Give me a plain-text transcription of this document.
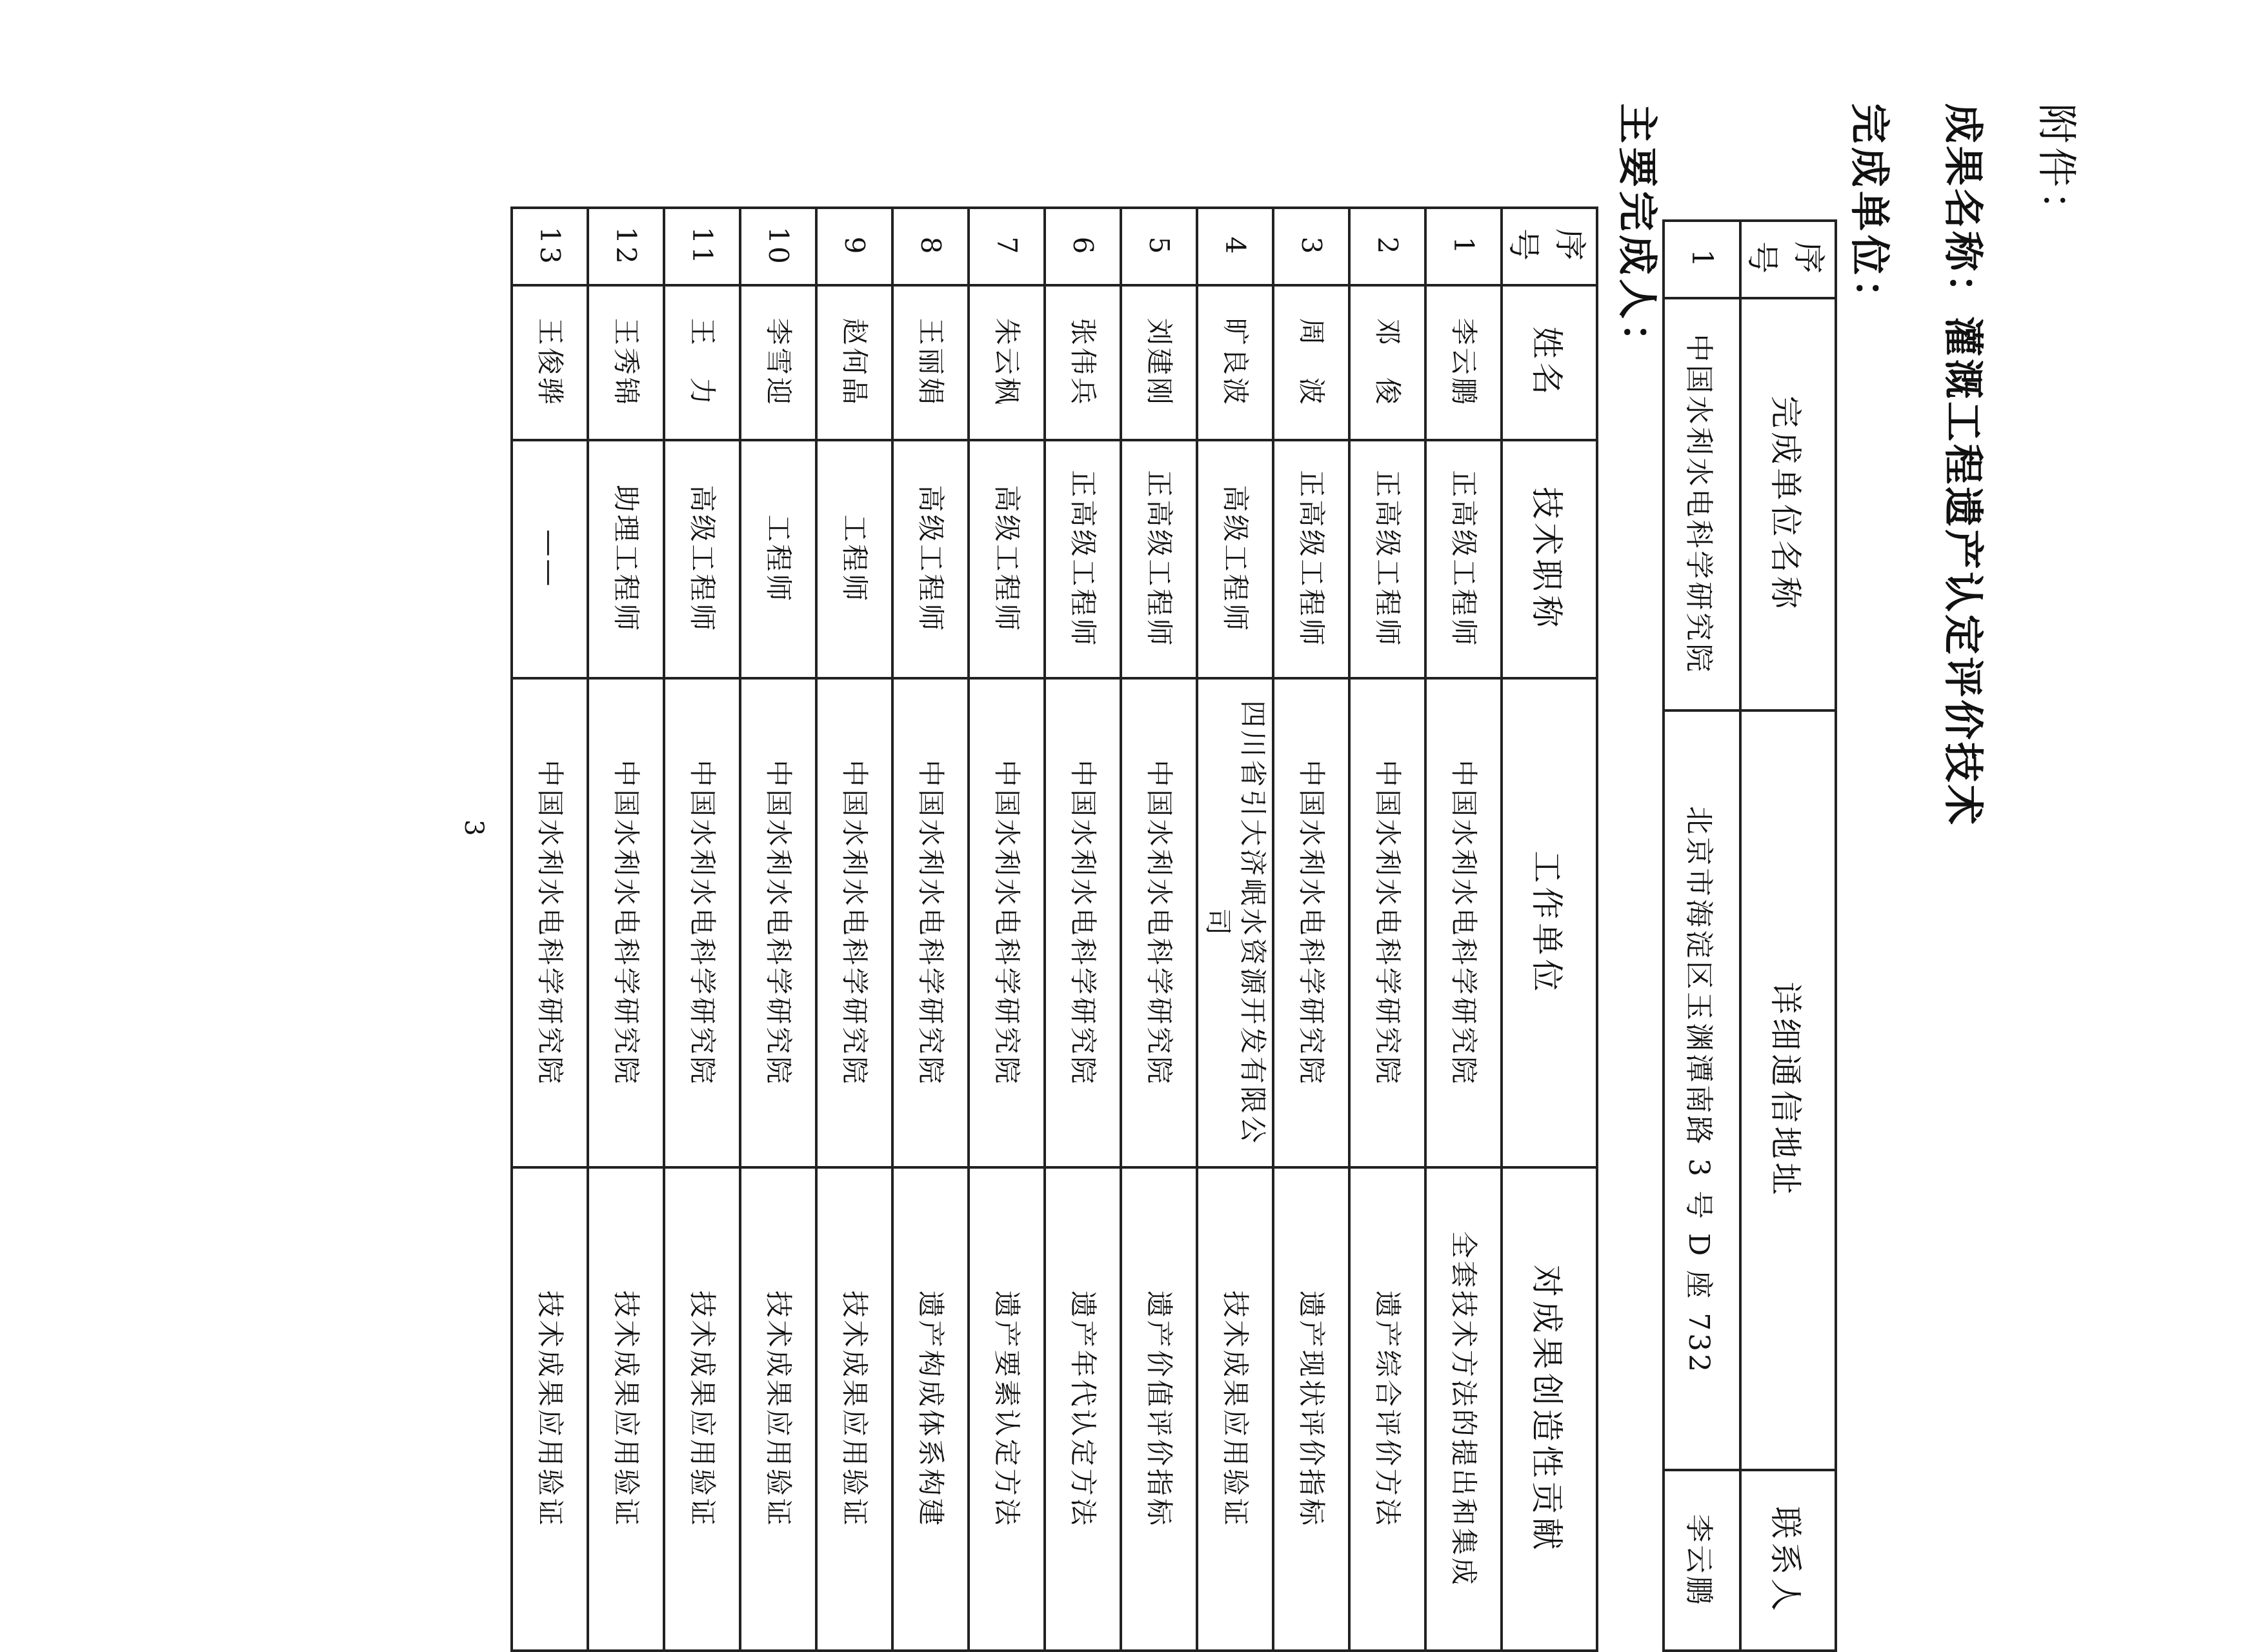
附件：
成果名称：灌溉工程遗产认定评价技术
完成单位：
序号	完成单位名称	详细通信地址	联系人
1	中国水利水电科学研究院	北京市海淀区玉渊潭南路 3 号 D 座 732	李云鹏
主要完成人：
序号	姓名	技术职称	工作单位	对成果创造性贡献
1	李云鹏	正高级工程师	中国水利水电科学研究院	全套技术方法的提出和集成
2	邓　俊	正高级工程师	中国水利水电科学研究院	遗产综合评价方法
3	周　波	正高级工程师	中国水利水电科学研究院	遗产现状评价指标
4	旷良波	高级工程师	四川省引大济岷水资源开发有限公司	技术成果应用验证
5	刘建刚	正高级工程师	中国水利水电科学研究院	遗产价值评价指标
6	张伟兵	正高级工程师	中国水利水电科学研究院	遗产年代认定方法
7	朱云枫	高级工程师	中国水利水电科学研究院	遗产要素认定方法
8	王丽娟	高级工程师	中国水利水电科学研究院	遗产构成体系构建
9	赵何晶	工程师	中国水利水电科学研究院	技术成果应用验证
10	李雪迎	工程师	中国水利水电科学研究院	技术成果应用验证
11	王　力	高级工程师	中国水利水电科学研究院	技术成果应用验证
12	王秀锦	助理工程师	中国水利水电科学研究院	技术成果应用验证
13	王俊骅	——	中国水利水电科学研究院	技术成果应用验证
3
